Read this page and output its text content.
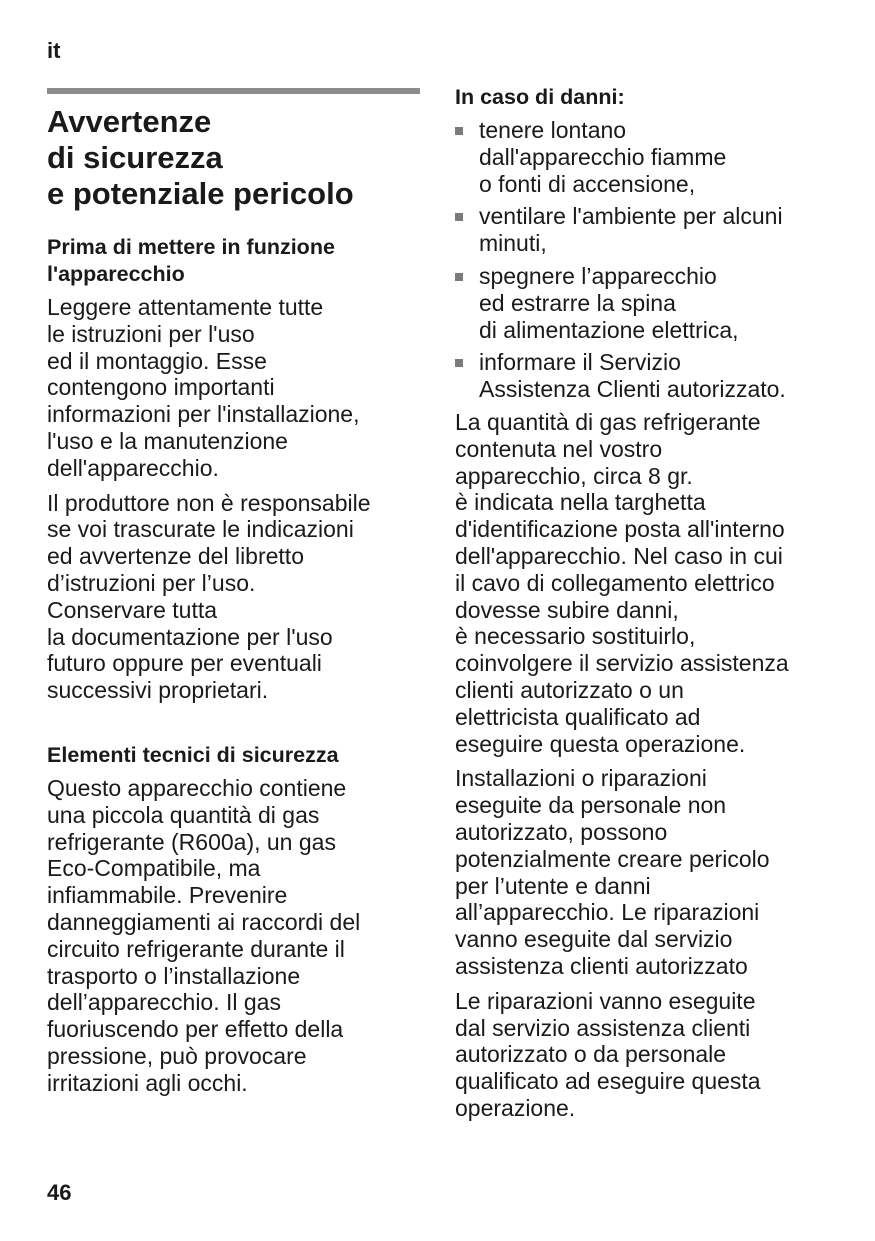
it
Avvertenze
di sicurezza
e potenziale pericolo
Prima di mettere in funzione
l'apparecchio
Leggere attentamente tutte
le istruzioni per l'uso
ed il montaggio. Esse
contengono importanti
informazioni per l'installazione,
l'uso e la manutenzione
dell'apparecchio.
Il produttore non è responsabile
se voi trascurate le indicazioni
ed avvertenze del libretto
d’istruzioni per l’uso.
Conservare tutta
la documentazione per l'uso
futuro oppure per eventuali
successivi proprietari.
Elementi tecnici di sicurezza
Questo apparecchio contiene
una piccola quantità di gas
refrigerante (R600a), un gas
Eco-Compatibile, ma
infiammabile. Prevenire
danneggiamenti ai raccordi del
circuito refrigerante durante il
trasporto o l’installazione
dell’apparecchio. Il gas
fuoriuscendo per effetto della
pressione, può provocare
irritazioni agli occhi.
In caso di danni:
tenere lontano
dall'apparecchio fiamme
o fonti di accensione,
ventilare l'ambiente per alcuni
minuti,
spegnere l’apparecchio
ed estrarre la spina
di alimentazione elettrica,
informare il Servizio
Assistenza Clienti autorizzato.
La quantità di gas refrigerante
contenuta nel vostro
apparecchio, circa 8 gr.
è indicata nella targhetta
d'identificazione posta all'interno
dell'apparecchio. Nel caso in cui
il cavo di collegamento elettrico
dovesse subire danni,
è necessario sostituirlo,
coinvolgere il servizio assistenza
clienti autorizzato o un
elettricista qualificato ad
eseguire questa operazione.
Installazioni o riparazioni
eseguite da personale non
autorizzato, possono
potenzialmente creare pericolo
per l’utente e danni
all’apparecchio. Le riparazioni
vanno eseguite dal servizio
assistenza clienti autorizzato
Le riparazioni vanno eseguite
dal servizio assistenza clienti
autorizzato o da personale
qualificato ad eseguire questa
operazione.
46
